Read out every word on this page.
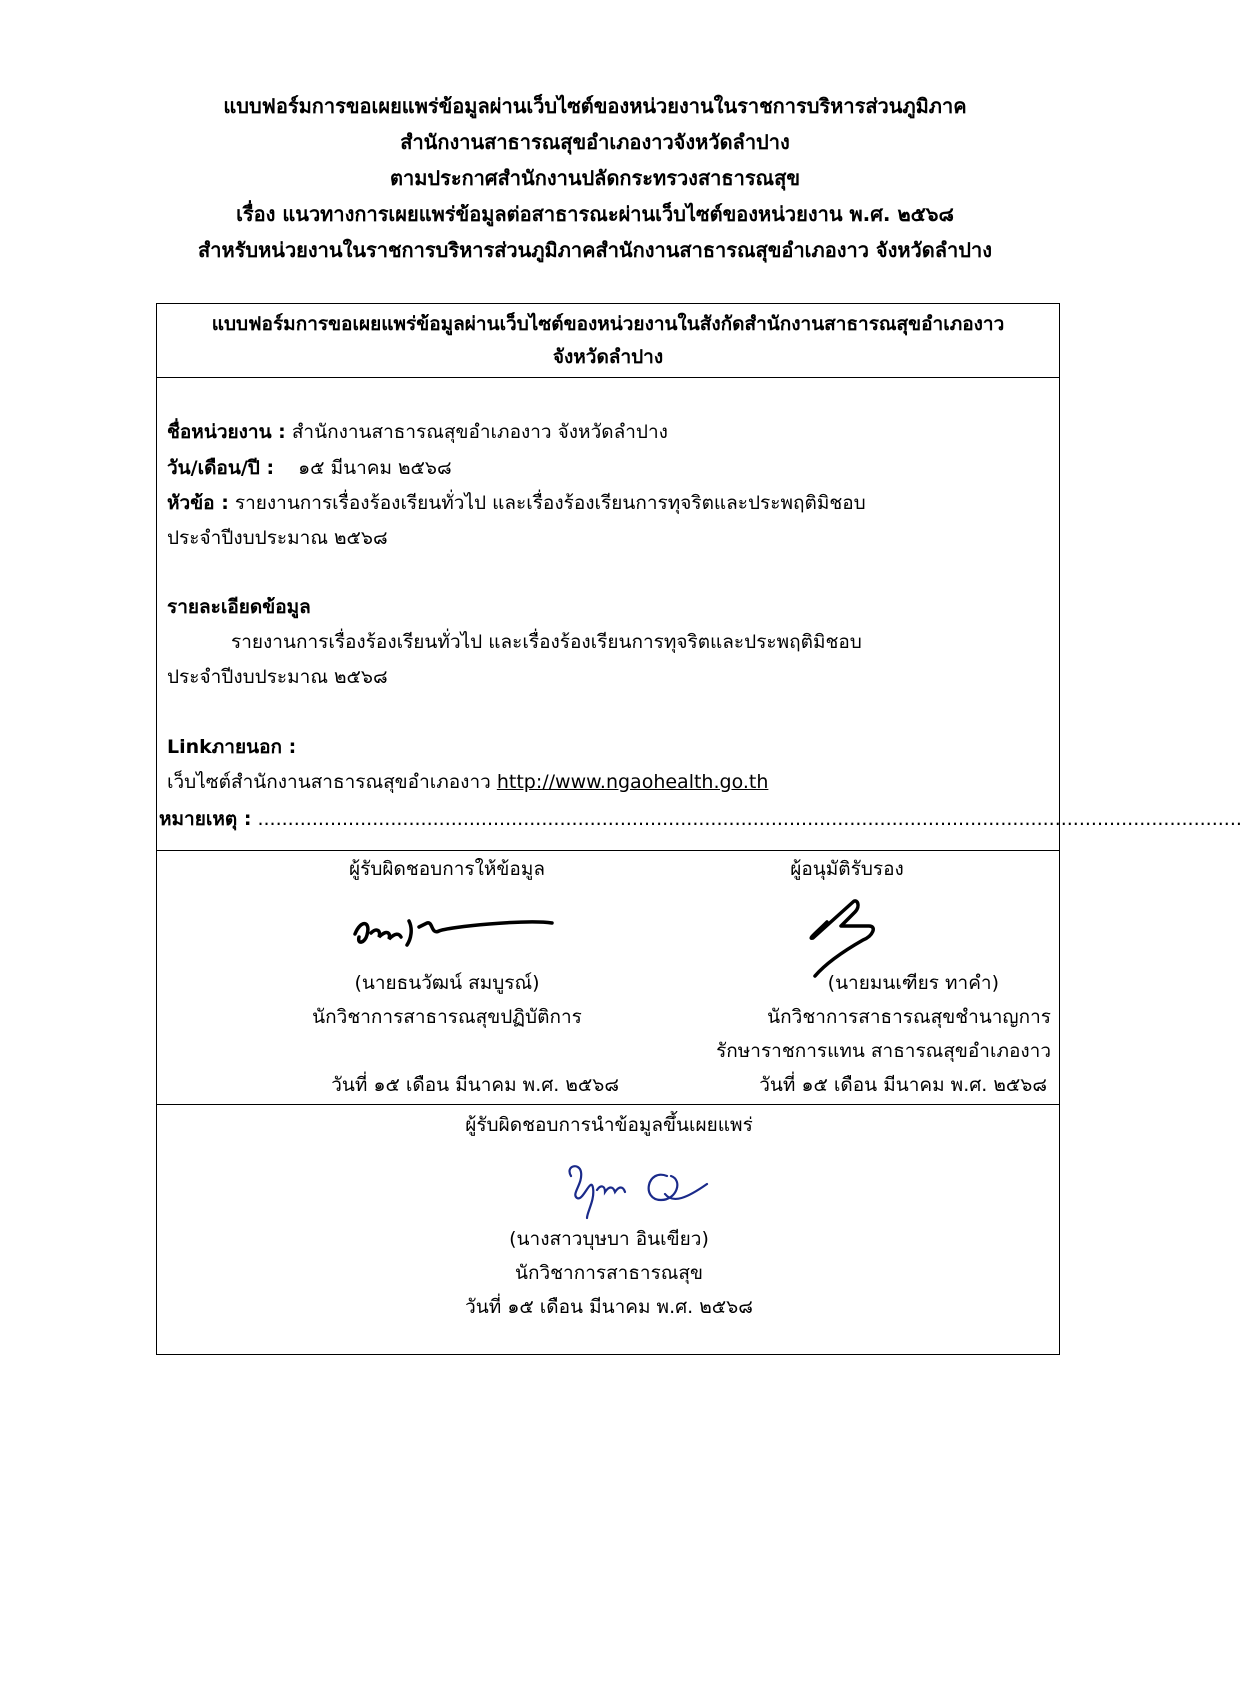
แบบฟอร์มการขอเผยแพร่ข้อมูลผ่านเว็บไซต์ของหน่วยงานในราชการบริหารส่วนภูมิภาค
สำนักงานสาธารณสุขอำเภองาวจังหวัดลำปาง
ตามประกาศสำนักงานปลัดกระทรวงสาธารณสุข
เรื่อง แนวทางการเผยแพร่ข้อมูลต่อสาธารณะผ่านเว็บไซต์ของหน่วยงาน พ.ศ. ๒๕๖๘
สำหรับหน่วยงานในราชการบริหารส่วนภูมิภาคสำนักงานสาธารณสุขอำเภองาว จังหวัดลำปาง
แบบฟอร์มการขอเผยแพร่ข้อมูลผ่านเว็บไซต์ของหน่วยงานในสังกัดสำนักงานสาธารณสุขอำเภองาว
จังหวัดลำปาง
ชื่อหน่วยงาน : สำนักงานสาธารณสุขอำเภองาว จังหวัดลำปาง
วัน/เดือน/ปี : ๑๕ มีนาคม ๒๕๖๘
หัวข้อ : รายงานการเรื่องร้องเรียนทั่วไป และเรื่องร้องเรียนการทุจริตและประพฤติมิชอบ
ประจำปีงบประมาณ ๒๕๖๘
รายละเอียดข้อมูล
รายงานการเรื่องร้องเรียนทั่วไป และเรื่องร้องเรียนการทุจริตและประพฤติมิชอบ
ประจำปีงบประมาณ ๒๕๖๘
Linkภายนอก :
เว็บไซต์สำนักงานสาธารณสุขอำเภองาว http://www.ngaohealth.go.th
หมายเหตุ : ...................................................................................................................................................................
ผู้รับผิดชอบการให้ข้อมูล
(นายธนวัฒน์ สมบูรณ์)
นักวิชาการสาธารณสุขปฏิบัติการ
วันที่ ๑๕ เดือน มีนาคม พ.ศ. ๒๕๖๘
ผู้อนุมัติรับรอง
(นายมนเฑียร ทาคำ)
นักวิชาการสาธารณสุขชำนาญการ
รักษาราชการแทน สาธารณสุขอำเภองาว
วันที่ ๑๕ เดือน มีนาคม พ.ศ. ๒๕๖๘
ผู้รับผิดชอบการนำข้อมูลขึ้นเผยแพร่
(นางสาวบุษบา อินเขียว)
นักวิชาการสาธารณสุข
วันที่ ๑๕ เดือน มีนาคม พ.ศ. ๒๕๖๘
